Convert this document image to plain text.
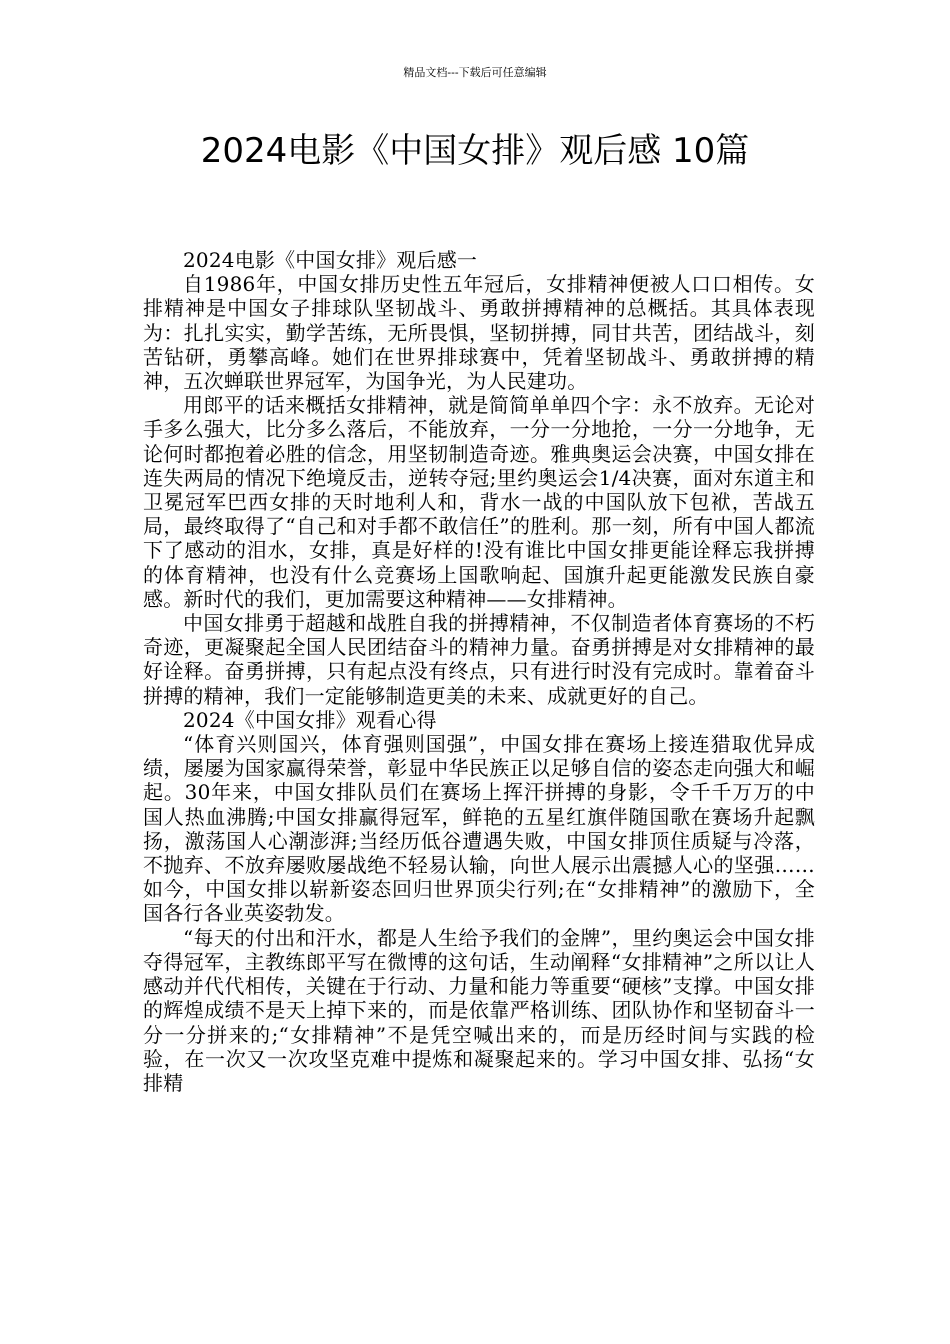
精品文档---下载后可任意编辑
2024电影《中国女排》观后感 10篇

2024电影《中国女排》观后感一

自1986年，中国女排历史性五年冠后，女排精神便被人口口相传。女排精神是中国女子排球队坚韧战斗、勇敢拼搏精神的总概括。其具体表现为：扎扎实实，勤学苦练，无所畏惧，坚韧拼搏，同甘共苦，团结战斗，刻苦钻研，勇攀高峰。她们在世界排球赛中，凭着坚韧战斗、勇敢拼搏的精神，五次蝉联世界冠军，为国争光，为人民建功。

用郎平的话来概括女排精神，就是简简单单四个字：永不放弃。无论对手多么强大，比分多么落后，不能放弃，一分一分地抢，一分一分地争，无论何时都抱着必胜的信念，用坚韧制造奇迹。雅典奥运会决赛，中国女排在连失两局的情况下绝境反击，逆转夺冠;里约奥运会1/4决赛，面对东道主和卫冕冠军巴西女排的天时地利人和，背水一战的中国队放下包袱，苦战五局，最终取得了“自己和对手都不敢信任”的胜利。那一刻，所有中国人都流下了感动的泪水，女排，真是好样的!没有谁比中国女排更能诠释忘我拼搏的体育精神，也没有什么竞赛场上国歌响起、国旗升起更能激发民族自豪感。新时代的我们，更加需要这种精神——女排精神。

中国女排勇于超越和战胜自我的拼搏精神，不仅制造者体育赛场的不朽奇迹，更凝聚起全国人民团结奋斗的精神力量。奋勇拼搏是对女排精神的最好诠释。奋勇拼搏，只有起点没有终点，只有进行时没有完成时。靠着奋斗拼搏的精神，我们一定能够制造更美的未来、成就更好的自己。

2024《中国女排》观看心得

“体育兴则国兴，体育强则国强”，中国女排在赛场上接连猎取优异成绩，屡屡为国家赢得荣誉，彰显中华民族正以足够自信的姿态走向强大和崛起。30年来，中国女排队员们在赛场上挥汗拼搏的身影，令千千万万的中国人热血沸腾;中国女排赢得冠军，鲜艳的五星红旗伴随国歌在赛场升起飘扬，激荡国人心潮澎湃;当经历低谷遭遇失败，中国女排顶住质疑与冷落，不抛弃、不放弃屡败屡战绝不轻易认输，向世人展示出震撼人心的坚强……如今，中国女排以崭新姿态回归世界顶尖行列;在“女排精神”的激励下，全国各行各业英姿勃发。

“每天的付出和汗水，都是人生给予我们的金牌”，里约奥运会中国女排夺得冠军，主教练郎平写在微博的这句话，生动阐释“女排精神”之所以让人感动并代代相传，关键在于行动、力量和能力等重要“硬核”支撑。中国女排的辉煌成绩不是天上掉下来的，而是依靠严格训练、团队协作和坚韧奋斗一分一分拼来的;“女排精神”不是凭空喊出来的，而是历经时间与实践的检验，在一次又一次攻坚克难中提炼和凝聚起来的。学习中国女排、弘扬“女排精
